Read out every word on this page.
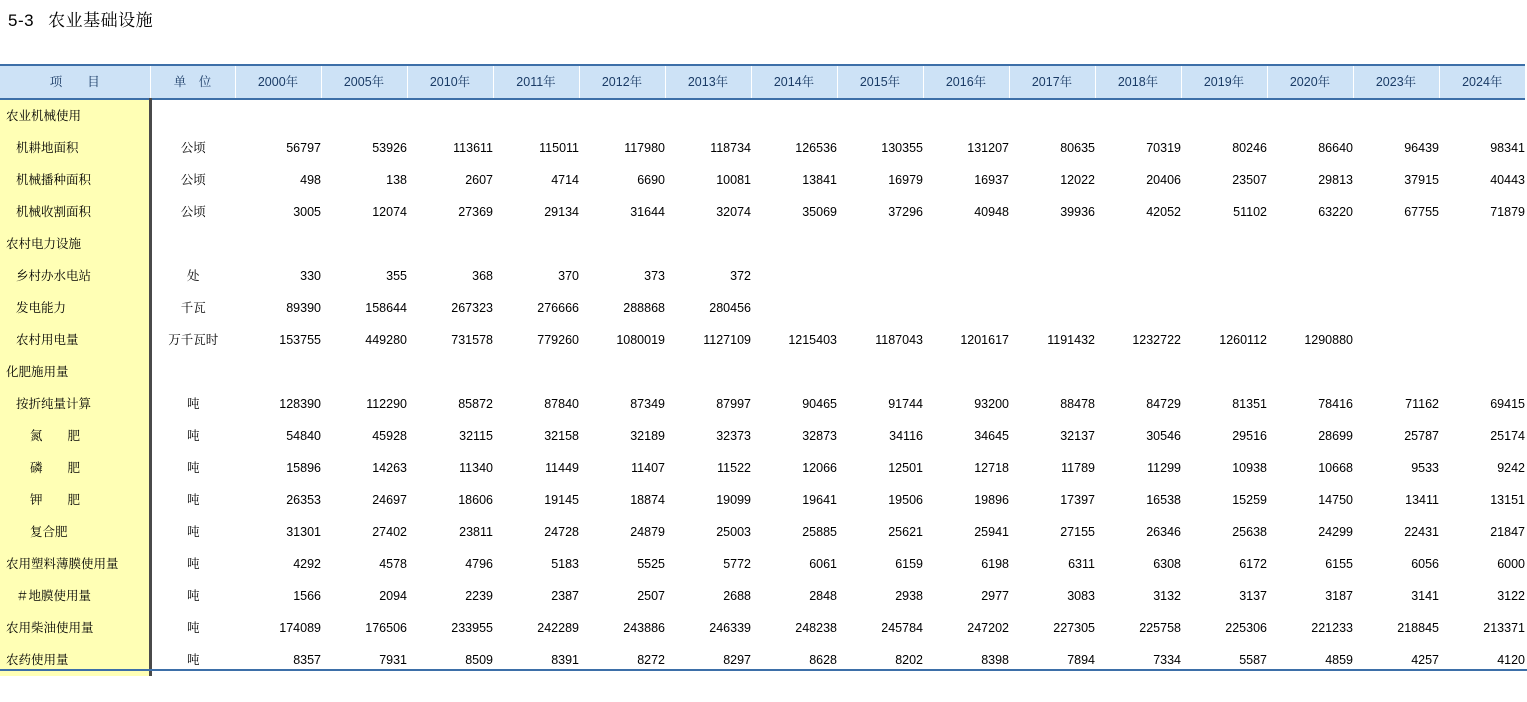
5-3 农业基础设施
项　　目	单　位	2000年	2005年	2010年	2011年	2012年	2013年	2014年	2015年	2016年	2017年	2018年	2019年	2020年	2023年	2024年
农业机械使用																
机耕地面积	公顷	56797	53926	113611	115011	117980	118734	126536	130355	131207	80635	70319	80246	86640	96439	98341
机械播种面积	公顷	498	138	2607	4714	6690	10081	13841	16979	16937	12022	20406	23507	29813	37915	40443
机械收割面积	公顷	3005	12074	27369	29134	31644	32074	35069	37296	40948	39936	42052	51102	63220	67755	71879
农村电力设施																
乡村办水电站	处	330	355	368	370	373	372									
发电能力	千瓦	89390	158644	267323	276666	288868	280456									
农村用电量	万千瓦时	153755	449280	731578	779260	1080019	1127109	1215403	1187043	1201617	1191432	1232722	1260112	1290880		
化肥施用量																
按折纯量计算	吨	128390	112290	85872	87840	87349	87997	90465	91744	93200	88478	84729	81351	78416	71162	69415
氮　　肥	吨	54840	45928	32115	32158	32189	32373	32873	34116	34645	32137	30546	29516	28699	25787	25174
磷　　肥	吨	15896	14263	11340	11449	11407	11522	12066	12501	12718	11789	11299	10938	10668	9533	9242
钾　　肥	吨	26353	24697	18606	19145	18874	19099	19641	19506	19896	17397	16538	15259	14750	13411	13151
复合肥	吨	31301	27402	23811	24728	24879	25003	25885	25621	25941	27155	26346	25638	24299	22431	21847
农用塑料薄膜使用量	吨	4292	4578	4796	5183	5525	5772	6061	6159	6198	6311	6308	6172	6155	6056	6000
＃地膜使用量	吨	1566	2094	2239	2387	2507	2688	2848	2938	2977	3083	3132	3137	3187	3141	3122
农用柴油使用量	吨	174089	176506	233955	242289	243886	246339	248238	245784	247202	227305	225758	225306	221233	218845	213371
农药使用量	吨	8357	7931	8509	8391	8272	8297	8628	8202	8398	7894	7334	5587	4859	4257	4120
